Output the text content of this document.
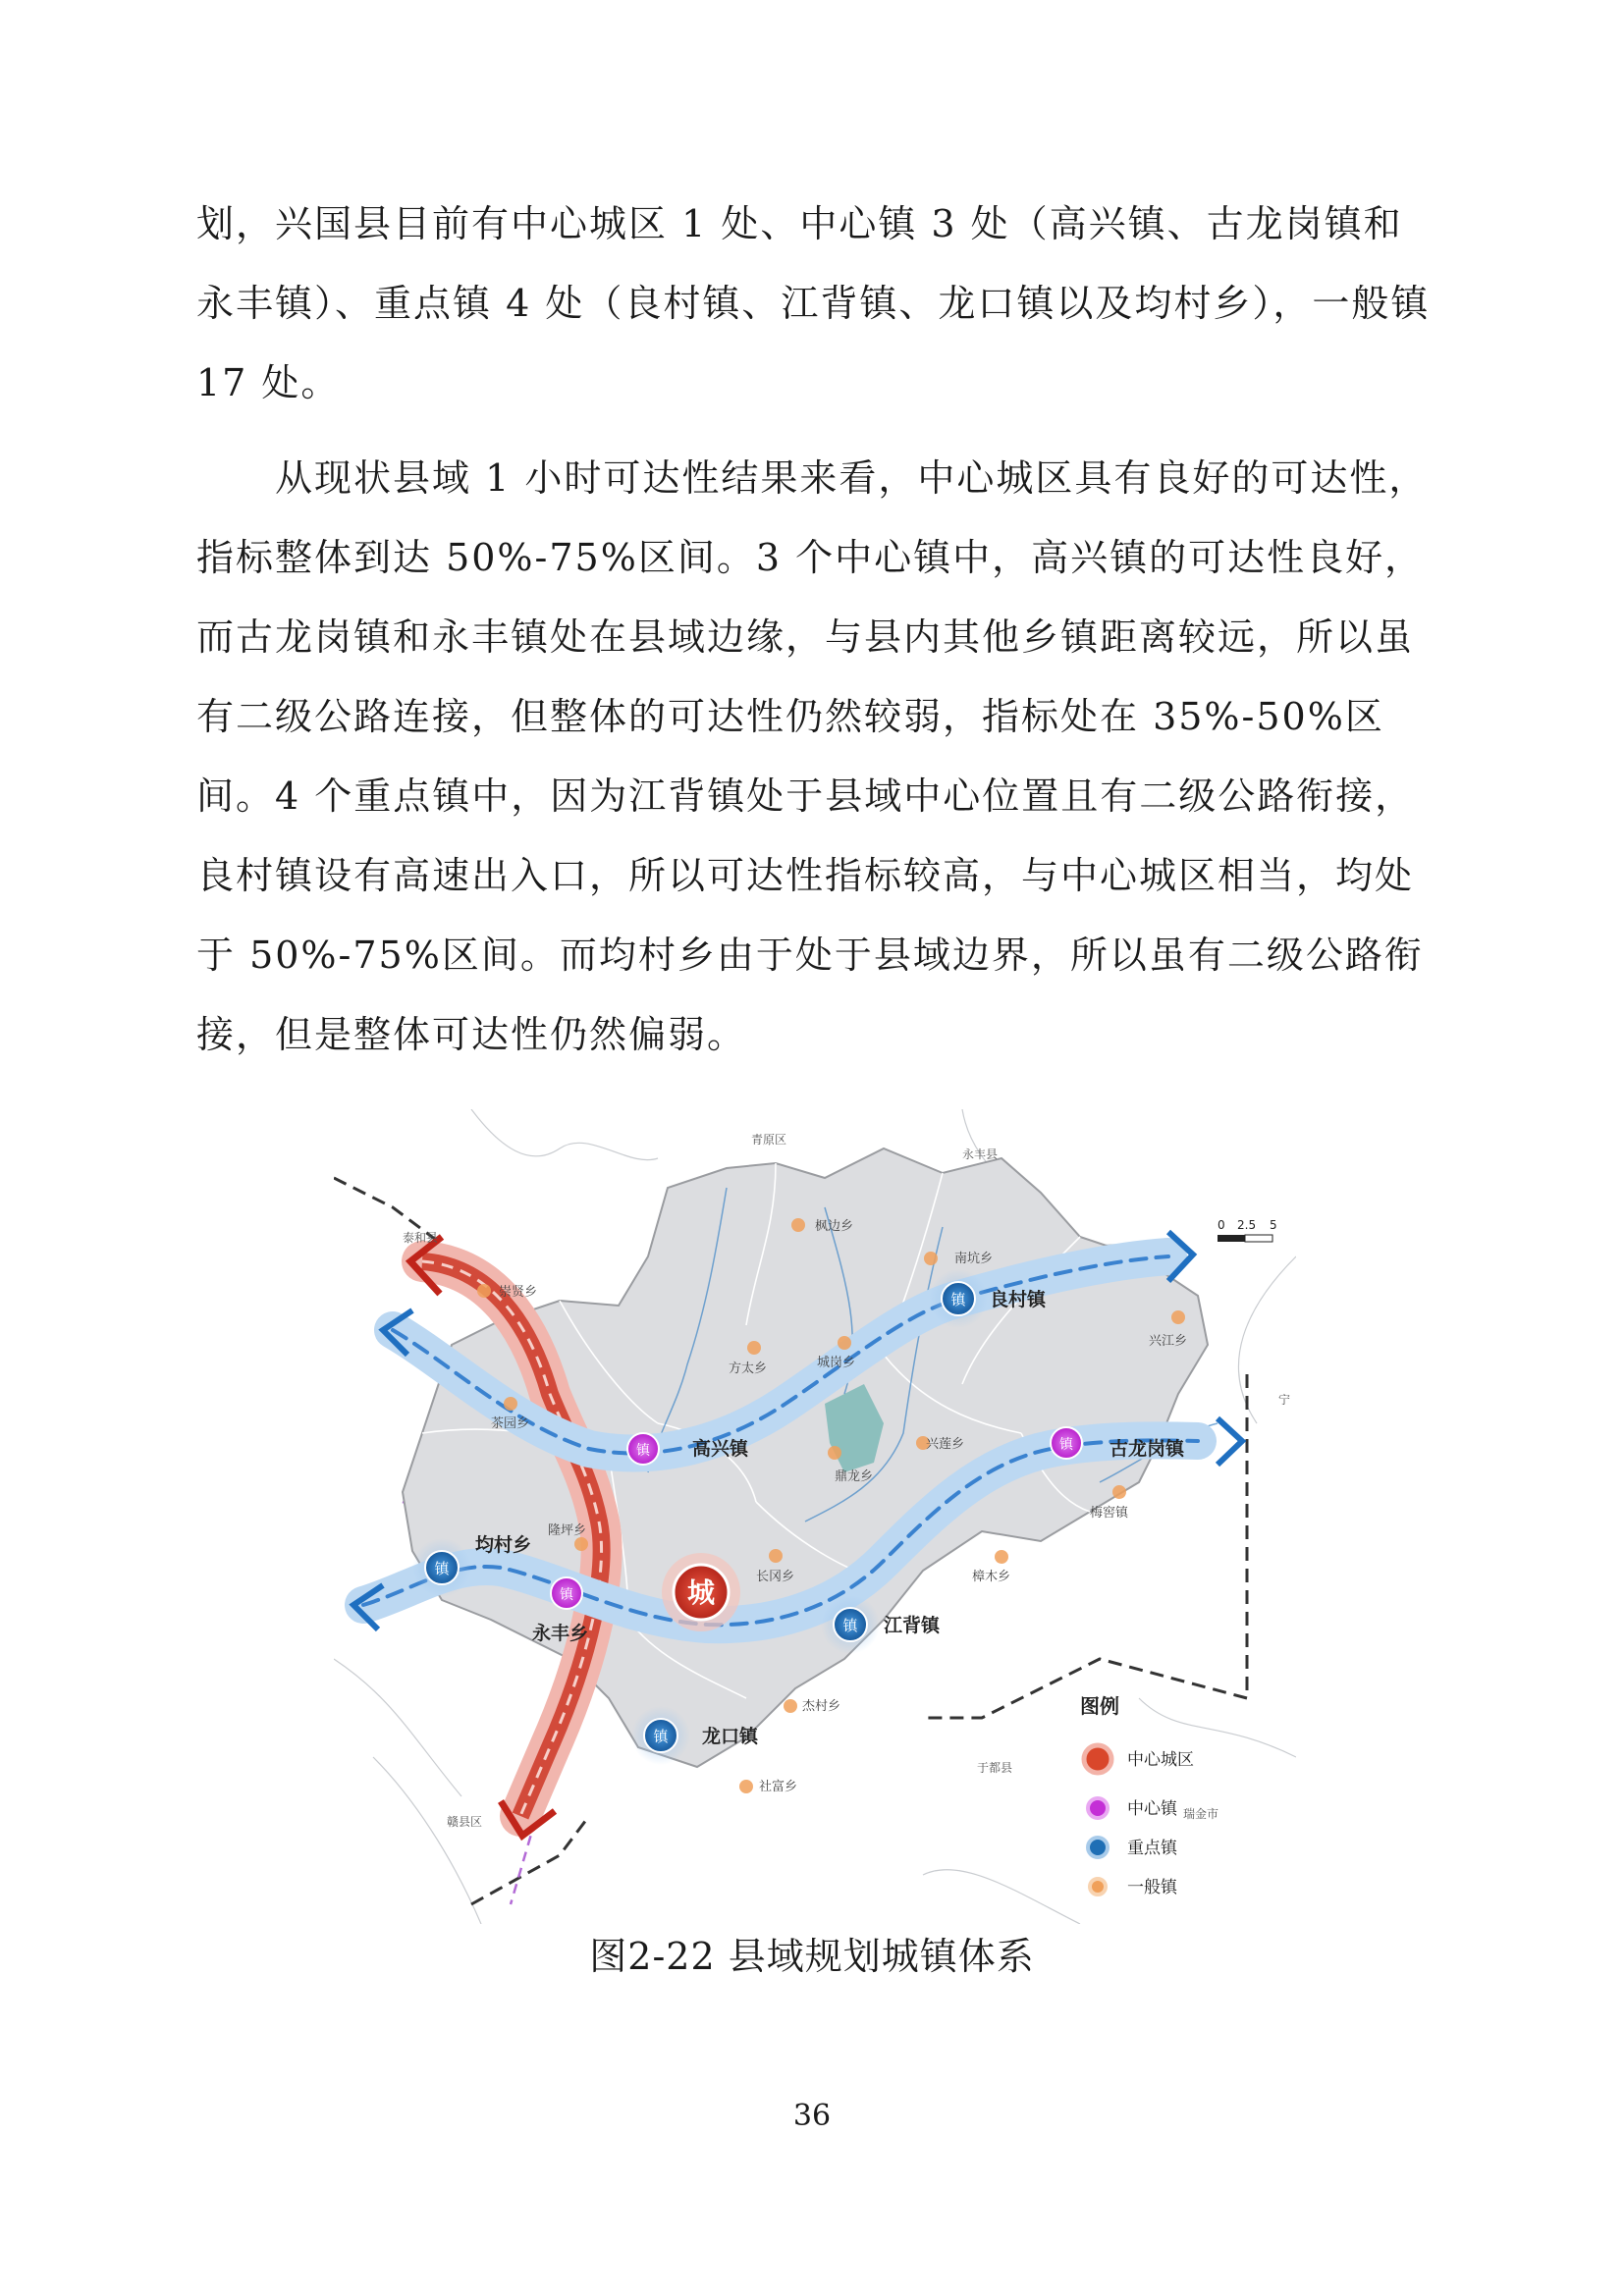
划，兴国县目前有中心城区 1 处、中心镇 3 处（高兴镇、古龙岗镇和永丰镇）、重点镇 4 处（良村镇、江背镇、龙口镇以及均村乡），一般镇 17 处。

从现状县域 1 小时可达性结果来看，中心城区具有良好的可达性，指标整体到达 50%-75%区间。3 个中心镇中，高兴镇的可达性良好，而古龙岗镇和永丰镇处在县域边缘，与县内其他乡镇距离较远，所以虽有二级公路连接，但整体的可达性仍然较弱，指标处在 35%-50%区间。4 个重点镇中，因为江背镇处于县域中心位置且有二级公路衔接，良村镇设有高速出入口，所以可达性指标较高，与中心城区相当，均处于 50%-75%区间。而均村乡由于处于县域边界，所以虽有二级公路衔接，但是整体可达性仍然偏弱。

青原区
永丰县
泰和县
于都县
瑞金市
赣县区
宁
0 2.5 5
枫边乡
崇贤乡
方太乡	城岗乡
南坑乡
兴江乡
茶园乡
兴莲乡
鼎龙乡
梅窖镇
隆坪乡
长冈乡	樟木乡
杰村乡
社富乡
镇 良村镇
镇
均村乡
镇 江背镇
镇 龙口镇
镇 高兴镇	镇 古龙岗镇
镇
永丰乡
城
图例
中心城区
中心镇
重点镇
一般镇
图2-22 县域规划城镇体系
36
